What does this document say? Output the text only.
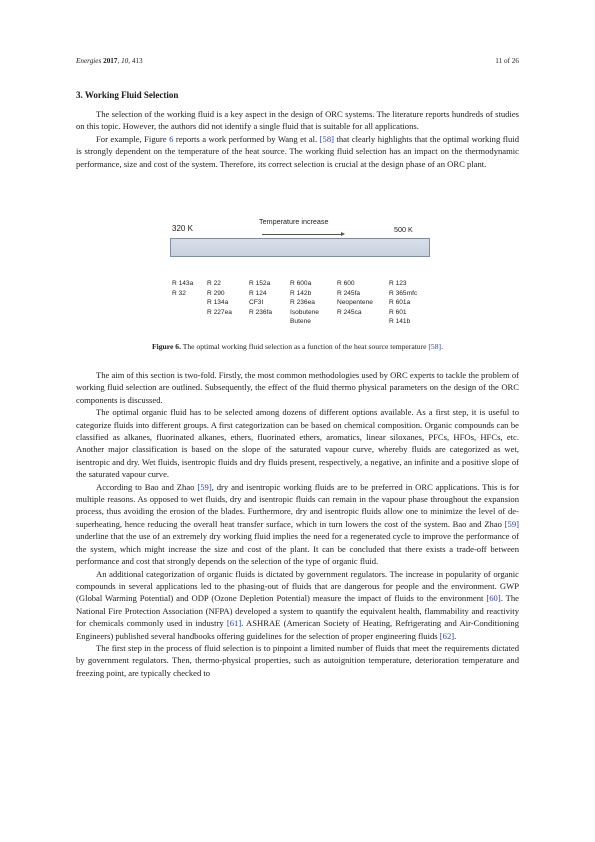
Energies 2017, 10, 413	11 of 26
3. Working Fluid Selection

The selection of the working fluid is a key aspect in the design of ORC systems. The literature reports hundreds of studies on this topic. However, the authors did not identify a single fluid that is suitable for all applications.

For example, Figure 6 reports a work performed by Wang et al. [58] that clearly highlights that the optimal working fluid is strongly dependent on the temperature of the heat source. The working fluid selection has an impact on the thermodynamic performance, size and cost of the system. Therefore, its correct selection is crucial at the design phase of an ORC plant.

320 K
Temperature increase
500 K
R 143a
R 32
R 22
R 290
R 134a
R 227ea
R 152a
R 124
CF3I
R 236fa
R 600a
R 142b
R 236ea
Isobutene
Butene
R 600
R 245fa
Neopentene
R 245ca
R 123
R 365mfc
R 601a
R 601
R 141b
Figure 6. The optimal working fluid selection as a function of the heat source temperature [58].

The aim of this section is two-fold. Firstly, the most common methodologies used by ORC experts to tackle the problem of working fluid selection are outlined. Subsequently, the effect of the fluid thermo physical parameters on the design of the ORC components is discussed.

The optimal organic fluid has to be selected among dozens of different options available. As a first step, it is useful to categorize fluids into different groups. A first categorization can be based on chemical composition. Organic compounds can be classified as alkanes, fluorinated alkanes, ethers, fluorinated ethers, aromatics, linear siloxanes, PFCs, HFOs, HFCs, etc. Another major classification is based on the slope of the saturated vapour curve, whereby fluids are categorized as wet, isentropic and dry. Wet fluids, isentropic fluids and dry fluids present, respectively, a negative, an infinite and a positive slope of the saturated vapour curve.

According to Bao and Zhao [59], dry and isentropic working fluids are to be preferred in ORC applications. This is for multiple reasons. As opposed to wet fluids, dry and isentropic fluids can remain in the vapour phase throughout the expansion process, thus avoiding the erosion of the blades. Furthermore, dry and isentropic fluids allow one to minimize the level of de-superheating, hence reducing the overall heat transfer surface, which in turn lowers the cost of the system. Bao and Zhao [59] underline that the use of an extremely dry working fluid implies the need for a regenerated cycle to improve the performance of the system, which might increase the size and cost of the plant. It can be concluded that there exists a trade-off between performance and cost that strongly depends on the selection of the type of organic fluid.

An additional categorization of organic fluids is dictated by government regulators. The increase in popularity of organic compounds in several applications led to the phasing-out of fluids that are dangerous for people and the environment. GWP (Global Warming Potential) and ODP (Ozone Depletion Potential) measure the impact of fluids to the environment [60]. The National Fire Protection Association (NFPA) developed a system to quantify the equivalent health, flammability and reactivity for chemicals commonly used in industry [61]. ASHRAE (American Society of Heating, Refrigerating and Air-Conditioning Engineers) published several handbooks offering guidelines for the selection of proper engineering fluids [62].

The first step in the process of fluid selection is to pinpoint a limited number of fluids that meet the requirements dictated by government regulators. Then, thermo-physical properties, such as autoignition temperature, deterioration temperature and freezing point, are typically checked to
